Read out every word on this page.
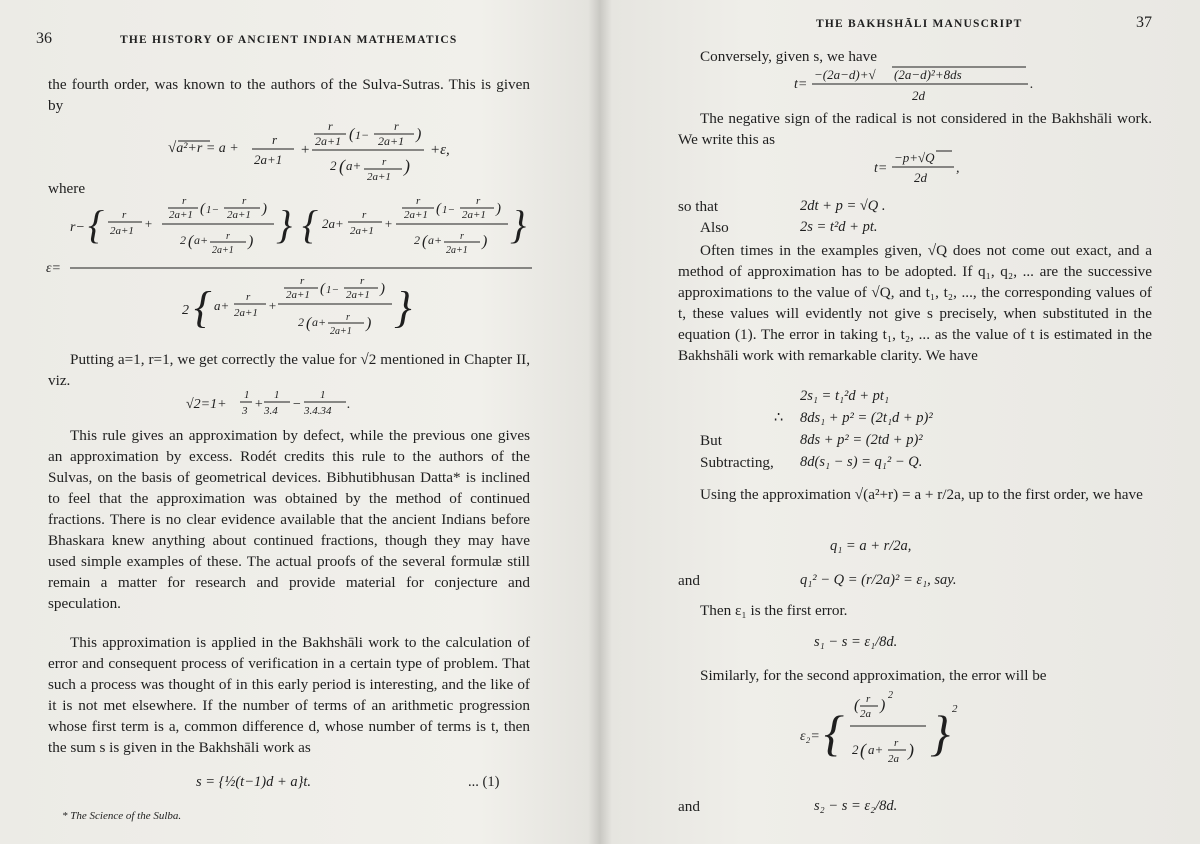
36	THE HISTORY OF ANCIENT INDIAN MATHEMATICS
the fourth order, was known to the authors of the Sulva-Sutras. This is given by
√a²+r = a +
r
2a+1
+
r
2a+1 ( 1−
r
2a+1 )
2 ( a+ r
2a+1
)
+ε,
where
r− { r
2a+1 +
r
2a+1 ( 1−
r
2a+1 )
2 ( a+ r
2a+1
) } { 2a+
r
2a+1 +
r
2a+1 ( 1−
r
2a+1 )
2 ( a+ r
2a+1
) }
ε=
2 { a+
r
2a+1 +
r
2a+1 ( 1−
r
2a+1 )
2 ( a+ r
2a+1 ) }
Putting a=1, r=1, we get correctly the value for √2 mentioned in Chapter II, viz.
√2=1+
1
3 +
1
3.4 −
1
3.4.34 .
This rule gives an approximation by defect, while the previous one gives an approximation by excess. Rodét credits this rule to the authors of the Sulvas, on the basis of geometrical devices. Bibhutibhusan Datta* is inclined to feel that the approximation was obtained by the method of continued fractions. There is no clear evidence available that the ancient Indians before Bhaskara knew anything about continued fractions, though they may have used simple examples of these. The actual proofs of the several formulæ still remain a matter for research and provide material for conjecture and speculation.
This approximation is applied in the Bakhshāli work to the calculation of error and consequent process of verification in a certain type of problem. That such a process was thought of in this early period is interesting, and the like of it is not met elsewhere. If the number of terms of an arithmetic progression whose first term is a, common difference d, whose number of terms is t, then the sum s is given in the Bakhshāli work as
s = {½(t−1)d + a}t.	... (1)
* The Science of the Sulba.
THE BAKHSHĀLI MANUSCRIPT	37
Conversely, given s, we have
t=
−(2a−d)+√ (2a−d)²+8ds
2d
.
The negative sign of the radical is not considered in the Bakhshāli work. We write this as
t=
−p+√Q
2d
,
so that	2dt + p = √Q .
Also	2s = t²d + pt.
Often times in the examples given, √Q does not come out exact, and a method of approximation has to be adopted. If q₁, q₂, ... are the successive approximations to the value of √Q, and t₁, t₂, ..., the corresponding values of t, these values will evidently not give s precisely, when substituted in the equation (1). The error in taking t₁, t₂, ... as the value of t is estimated in the Bakhshāli work with remarkable clarity. We have
2s₁ = t₁²d + pt₁
∴ 8ds₁ + p² = (2t₁d + p)²
But	8ds + p² = (2td + p)²
Subtracting, 8d(s₁ − s) = q₁² − Q.
Using the approximation √(a²+r) = a + r/2a, up to the first order, we have
q₁ = a + r/2a,
and	q₁² − Q = (r/2a)² = ε₁, say.
Then ε₁ is the first error.
s₁ − s = ε₁/8d.
Similarly, for the second approximation, the error will be
ε₂= { ( r
2a )
2
2 ( a+ r
2a ) } 2
and	s₂ − s = ε₂/8d.
